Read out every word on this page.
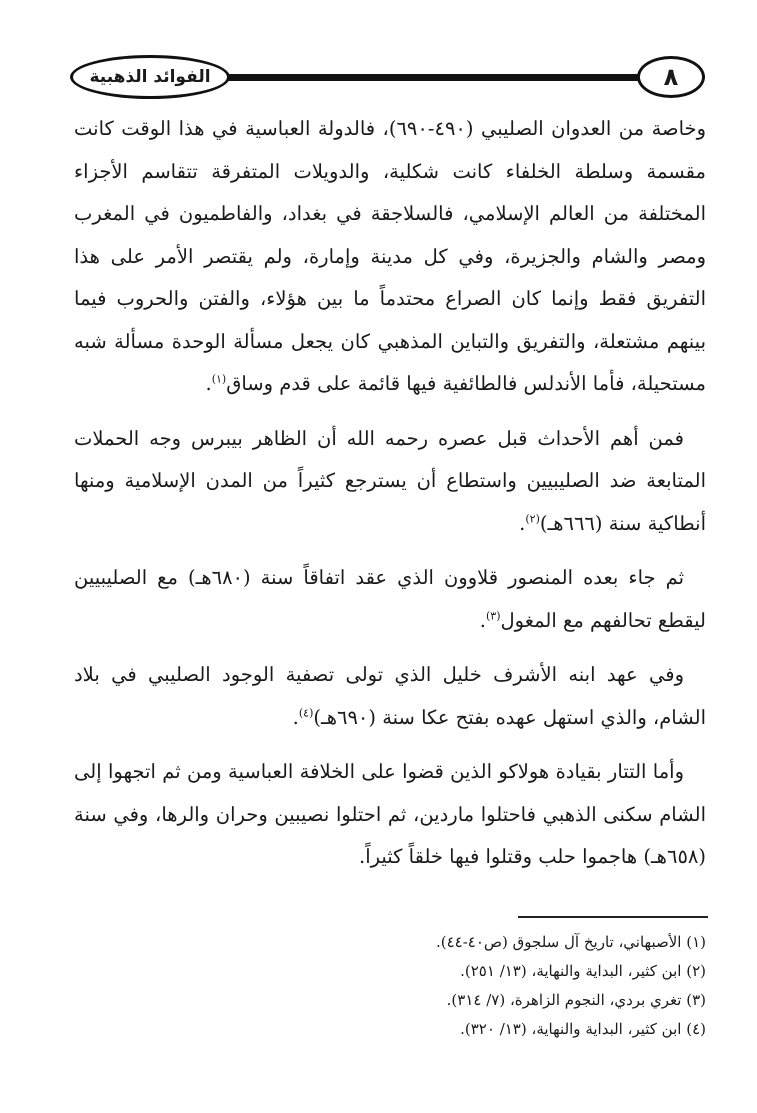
الفوائد الذهبية	٨

وخاصة من العدوان الصليبي (٤٩٠-٦٩٠)، فالدولة العباسية في هذا الوقت كانت مقسمة وسلطة الخلفاء كانت شكلية، والدويلات المتفرقة تتقاسم الأجزاء المختلفة من العالم الإسلامي، فالسلاجقة في بغداد، والفاطميون في المغرب ومصر والشام والجزيرة، وفي كل مدينة وإمارة، ولم يقتصر الأمر على هذا التفريق فقط وإنما كان الصراع محتدماً ما بين هؤلاء، والفتن والحروب فيما بينهم مشتعلة، والتفريق والتباين المذهبي كان يجعل مسألة الوحدة مسألة شبه مستحيلة، فأما الأندلس فالطائفية فيها قائمة على قدم وساق$^{(١)}$.

فمن أهم الأحداث قبل عصره رحمه الله أن الظاهر بيبرس وجه الحملات المتابعة ضد الصليبيين واستطاع أن يسترجع كثيراً من المدن الإسلامية ومنها أنطاكية سنة (٦٦٦هـ)$^{(٢)}$.

ثم جاء بعده المنصور قلاوون الذي عقد اتفاقاً سنة (٦٨٠هـ) مع الصليبيين ليقطع تحالفهم مع المغول$^{(٣)}$.

وفي عهد ابنه الأشرف خليل الذي تولى تصفية الوجود الصليبي في بلاد الشام، والذي استهل عهده بفتح عكا سنة (٦٩٠هـ)$^{(٤)}$.

وأما التتار بقيادة هولاكو الذين قضوا على الخلافة العباسية ومن ثم اتجهوا إلى الشام سكنى الذهبي فاحتلوا ماردين، ثم احتلوا نصيبين وحران والرها، وفي سنة (٦٥٨هـ) هاجموا حلب وقتلوا فيها خلقاً كثيراً.

(١) الأصبهاني، تاريخ آل سلجوق (ص٤٠-٤٤).
(٢) ابن كثير، البداية والنهاية، (١٣/ ٢٥١).
(٣) تغري بردي، النجوم الزاهرة، (٧/ ٣١٤).
(٤) ابن كثير، البداية والنهاية، (١٣/ ٣٢٠).
